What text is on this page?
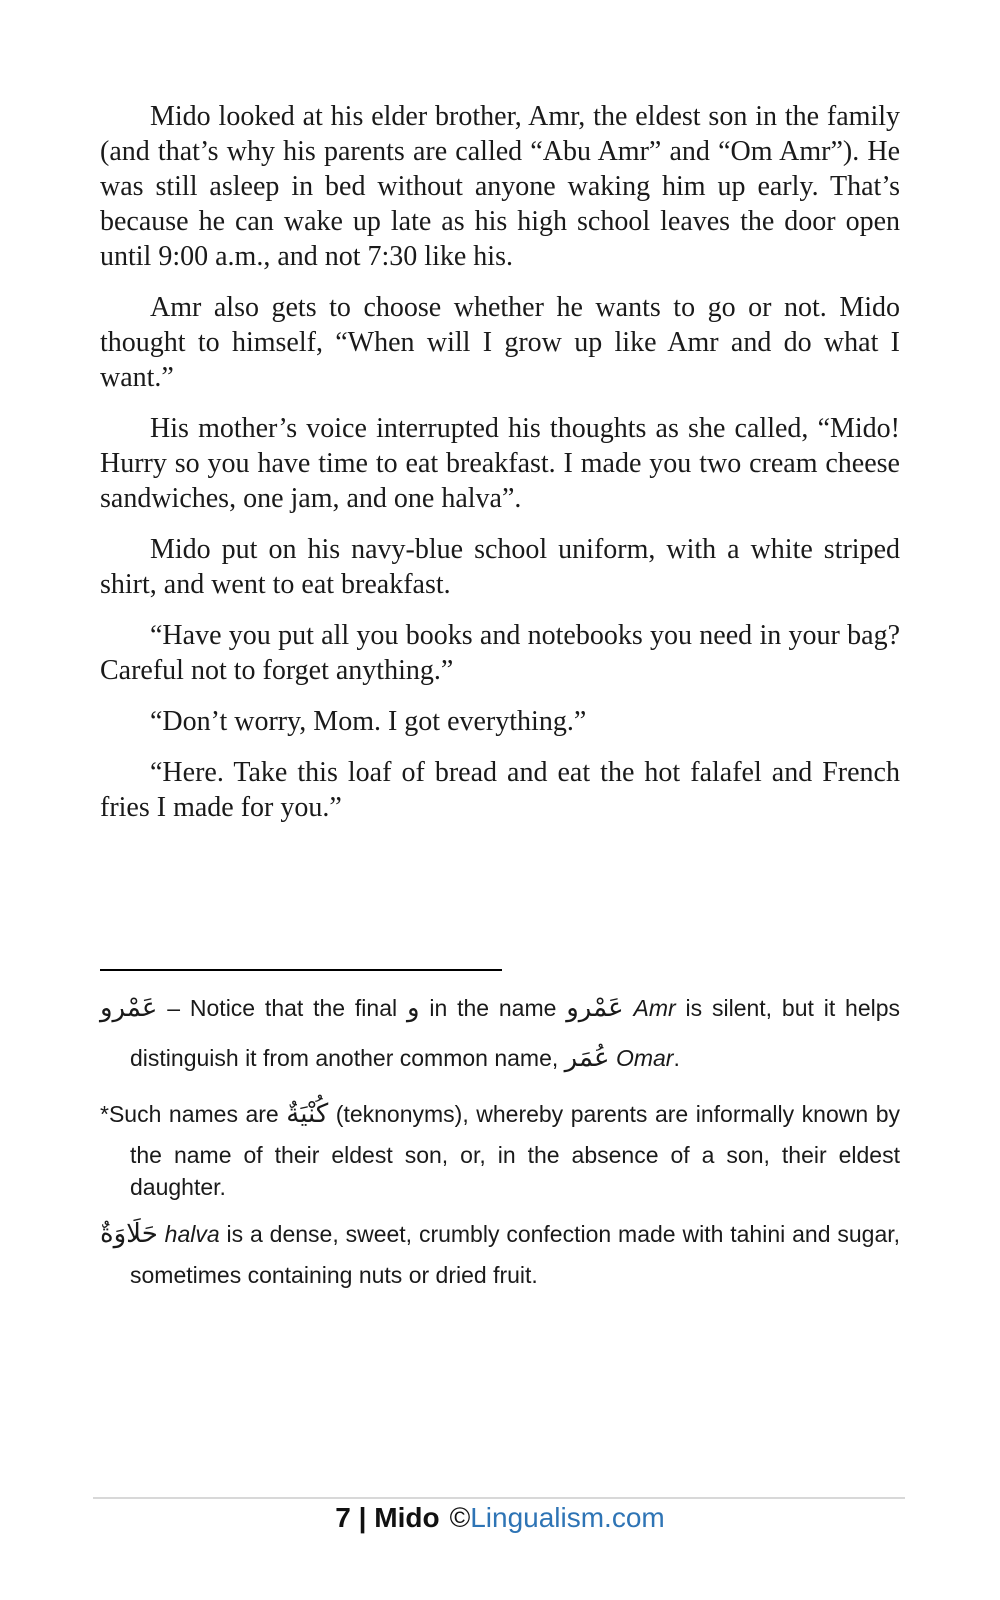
Mido looked at his elder brother, Amr, the eldest son in the family (and that’s why his parents are called “Abu Amr” and “Om Amr”). He was still asleep in bed without anyone waking him up early. That’s because he can wake up late as his high school leaves the door open until 9:00 a.m., and not 7:30 like his.

Amr also gets to choose whether he wants to go or not. Mido thought to himself, “When will I grow up like Amr and do what I want.”

His mother’s voice interrupted his thoughts as she called, “Mido! Hurry so you have time to eat breakfast. I made you two cream cheese sandwiches, one jam, and one halva”.

Mido put on his navy-blue school uniform, with a white striped shirt, and went to eat breakfast.

“Have you put all you books and notebooks you need in your bag? Careful not to forget anything.”

“Don’t worry, Mom. I got everything.”

“Here. Take this loaf of bread and eat the hot falafel and French fries I made for you.”

عَمْرو – Notice that the final و in the name عَمْرو Amr is silent, but it helps distinguish it from another common name, عُمَر Omar.

*Such names are كُنْيَةٌ (teknonyms), whereby parents are informally known by the name of their eldest son, or, in the absence of a son, their eldest daughter.

حَلَاوَةٌ halva is a dense, sweet, crumbly confection made with tahini and sugar, sometimes containing nuts or dried fruit.

7 | Mido ©Lingualism.com
